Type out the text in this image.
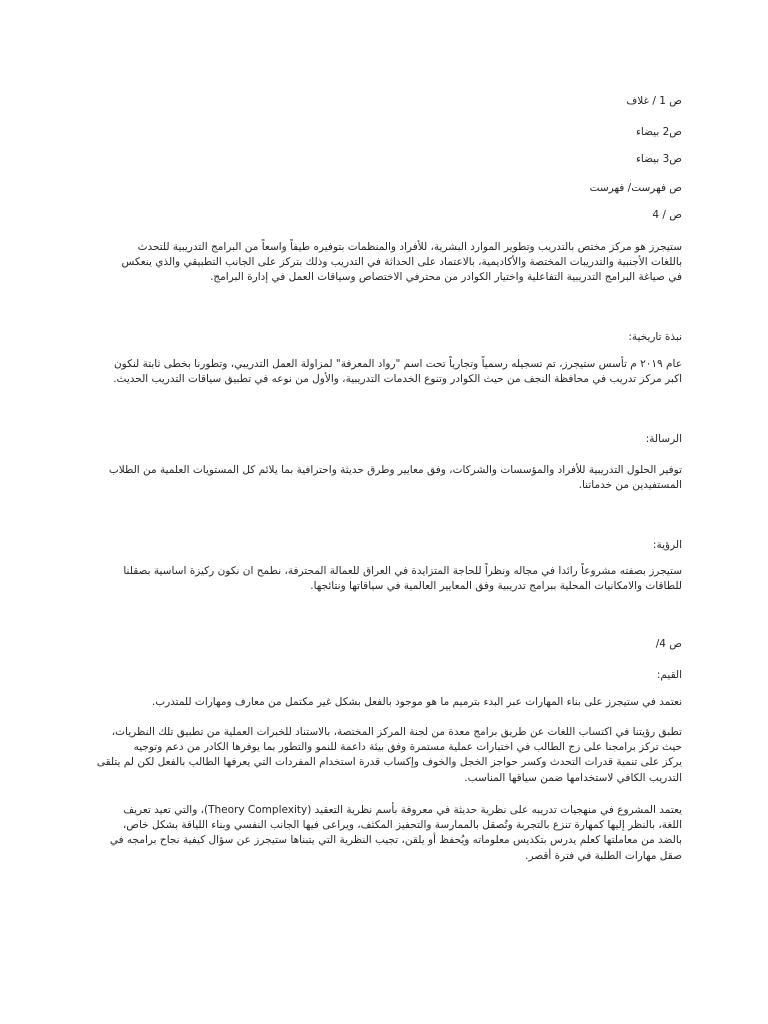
ص 1 / غلاف
ص2 بيضاء
ص3 بيضاء
ص فهرست/ فهرست
ص / 4
ستيجرز هو مركز مختص بالتدريب وتطوير الموارد البشرية، للأفراد والمنظمات بتوفيره طيفاً واسعاً من البرامج التدريبية للتحدث
باللغات الأجنبية والتدريبات المختصة والأكاديمية، بالاعتماد على الحداثة في التدريب وذلك بتركز على الجانب التطبيقي والذي ينعكس
في صياغة البرامج التدريبية التفاعلية واختيار الكوادر من محترفي الاختصاص وسياقات العمل في إدارة البرامج.
نبذة تاريخية:
عام ٢٠١٩ م تأسس ستيجرز، تم تسجيله رسمياً وتجارياً تحت اسم "رواد المعرفة" لمزاولة العمل التدريبي، وتطورنا بخطى ثابتة لنكون
اكبر مركز تدريب في محافظة النجف من حيث الكوادر وتنوع الخدمات التدريبية، والأول من نوعه في تطبيق سياقات التدريب الحديث.
الرسالة:
توفير الحلول التدريبية للأفراد والمؤسسات والشركات، وفق معايير وطرق حديثة واحترافية بما يلائم كل المستويات العلمية من الطلاب
المستفيدين من خدماتنا.
الرؤية:
ستيجرز بصفته مشروعاً رائدا في مجاله ونظراً للحاجة المتزايدة في العراق للعمالة المحترفة، نطمح ان نكون ركيزة اساسية بصقلنا
للطاقات والامكانيات المحلية ببرامج تدريبية وفق المعايير العالمية في سياقاتها ونتائجها.
ص 4/
القيم:
نعتمد في ستيجرز على بناء المهارات عبر البدء بترميم ما هو موجود بالفعل بشكل غير مكتمل من معارف ومهارات للمتدرب.
تطبق رؤيتنا في اكتساب اللغات عن طريق برامج معدة من لجنة المركز المختصة، بالاستناد للخبرات العملية من تطبيق تلك النظريات،
حيث تركز برامجنا على زج الطالب في اختبارات عملية مستمرة وفق بيئة داعمة للنمو والتطور بما يوفرها الكادر من دعم وتوجيه
يركز على تنمية قدرات التحدث وكسر حواجز الخجل والخوف وإكساب قدرة استخدام المفردات التي يعرفها الطالب بالفعل لكن لم يتلقى
التدريب الكافي لاستخدامها ضمن سياقها المناسب.
يعتمد المشروع في منهجيات تدريبه على نظرية حديثة في معروفة بأسم نظرية التعقيد (Theory Complexity)، والتي تعيد تعريف
اللغة، بالنظر إليها كمهارة تنزع بالتجربة وتُصقل بالممارسة والتحفيز المكثف، ويراعى فيها الجانب النفسي وبناء اللياقة بشكل خاص،
بالضد من معاملتها كعلم يدرس بتكديس معلوماته ويُحفظ أو يلقن، تجيب النظرية التي يتبناها ستيجرز عن سؤال كيفية نجاح برامجه في
صقل مهارات الطلبة في فترة أقصر.
